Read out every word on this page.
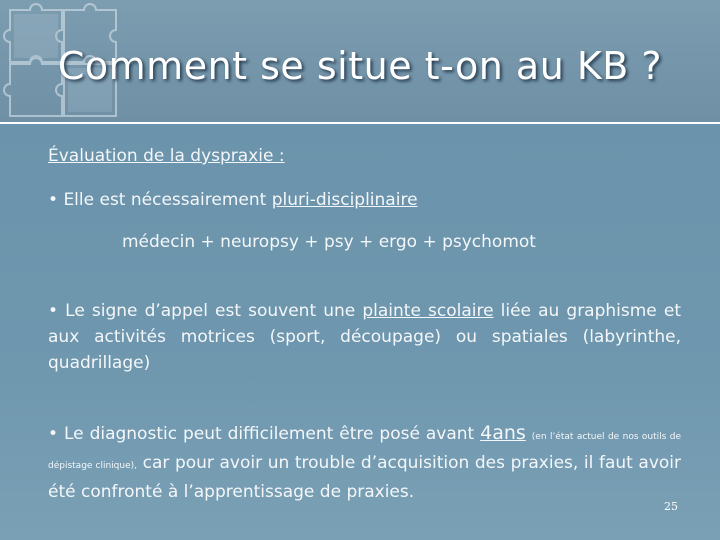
Comment se situe t-on au KB ?
Évaluation de la dyspraxie :
• Elle est nécessairement pluri-disciplinaire
médecin + neuropsy + psy + ergo + psychomot
• Le signe d’appel est souvent une plainte scolaire liée au graphisme et aux activités motrices (sport, découpage) ou spatiales (labyrinthe, quadrillage)
• Le diagnostic peut difficilement être posé avant 4ans (en l’état actuel de nos outils de dépistage clinique), car pour avoir un trouble d’acquisition des praxies, il faut avoir été confronté à l’apprentissage de praxies.
25
